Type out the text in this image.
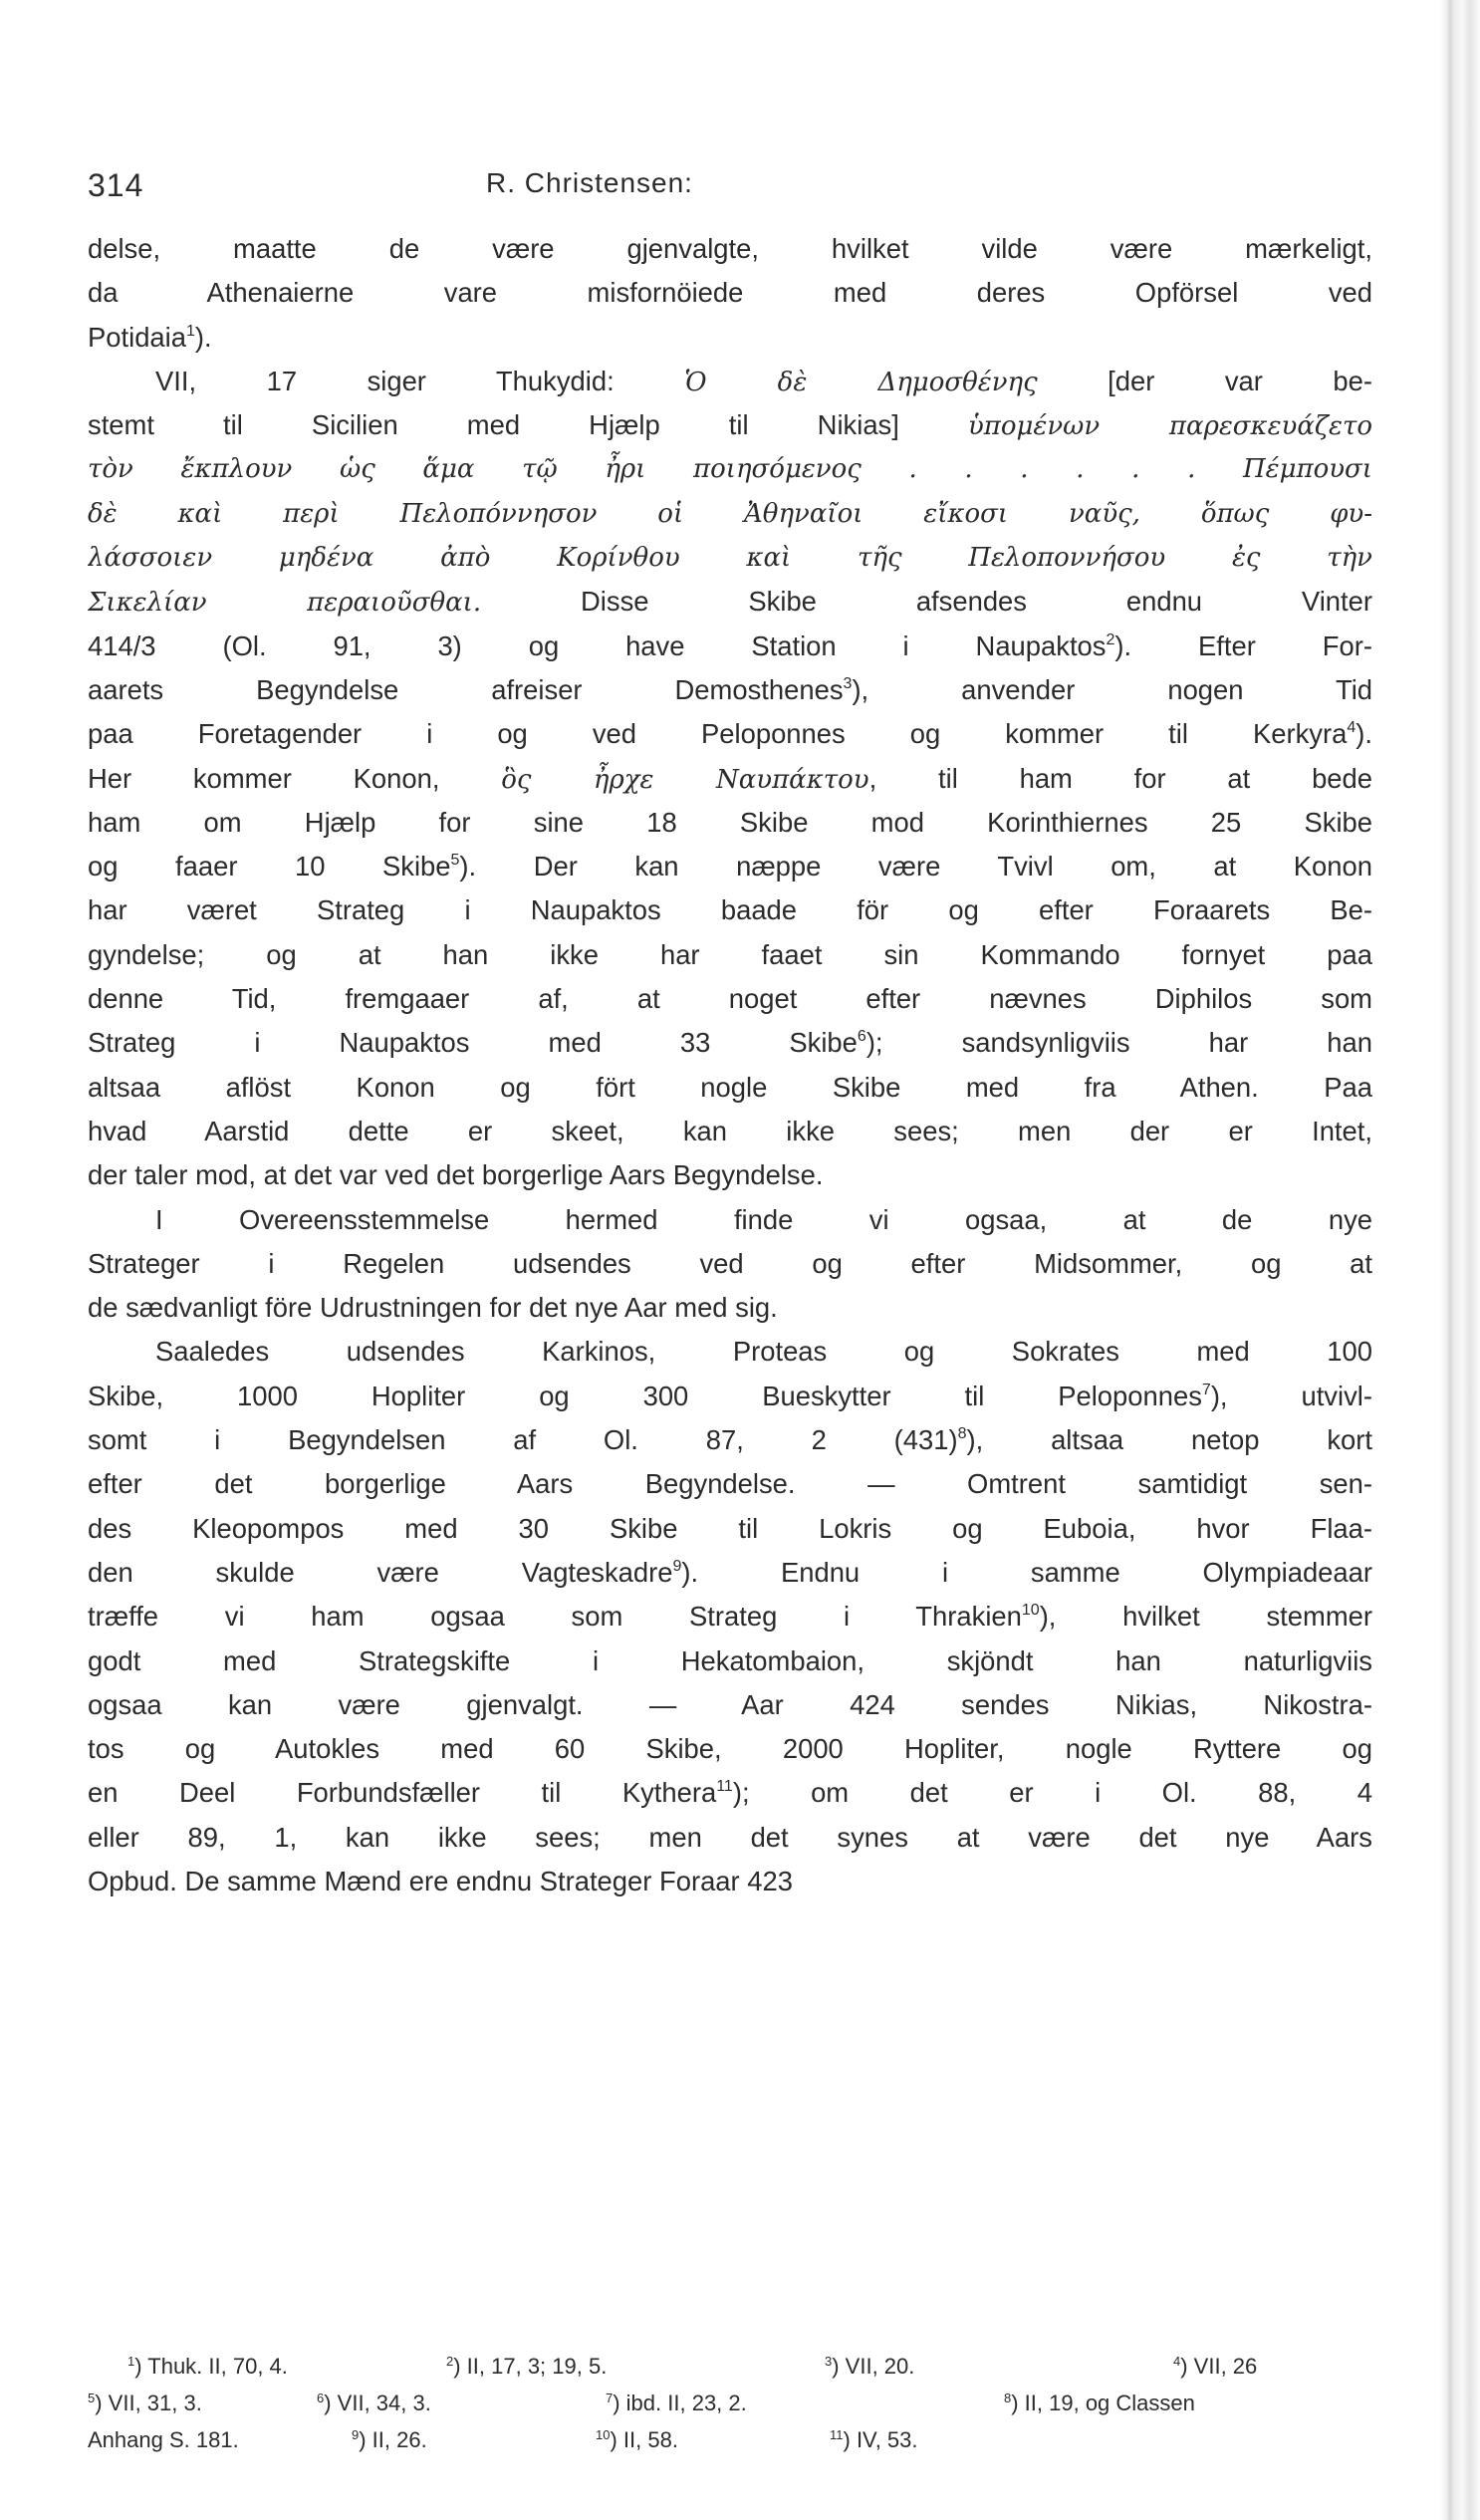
314	R. Christensen:
delse, maatte de være gjenvalgte, hvilket vilde være mærkeligt,
da Athenaierne vare misfornöiede med deres Opförsel ved
Potidaia$^1$).
VII, 17 siger Thukydid: Ὁ δὲ Δημοσθένης [der var be-
stemt til Sicilien med Hjælp til Nikias] ὑπομένων παρεσκευάζετο
τὸν ἔκπλουν ὡς ἅμα τῷ ἦρι ποιησόμενος . . . . . . Πέμπουσι
δὲ καὶ περὶ Πελοπόννησον οἱ Ἀθηναῖοι εἴκοσι ναῦς, ὅπως φυ-
λάσσοιεν μηδένα ἀπὸ Κορίνθου καὶ τῆς Πελοποννήσου ἐς τὴν
Σικελίαν περαιοῦσθαι. Disse Skibe afsendes endnu Vinter
414/3 (Ol. 91, 3) og have Station i Naupaktos$^2$). Efter For-
aarets Begyndelse afreiser Demosthenes$^3$), anvender nogen Tid
paa Foretagender i og ved Peloponnes og kommer til Kerkyra$^4$).
Her kommer Konon, ὃς ἦρχε Ναυπάκτου, til ham for at bede
ham om Hjælp for sine 18 Skibe mod Korinthiernes 25 Skibe
og faaer 10 Skibe$^5$). Der kan næppe være Tvivl om, at Konon
har været Strateg i Naupaktos baade för og efter Foraarets Be-
gyndelse; og at han ikke har faaet sin Kommando fornyet paa
denne Tid, fremgaaer af, at noget efter nævnes Diphilos som
Strateg i Naupaktos med 33 Skibe$^6$); sandsynligviis har han
altsaa aflöst Konon og fört nogle Skibe med fra Athen. Paa
hvad Aarstid dette er skeet, kan ikke sees; men der er Intet,
der taler mod, at det var ved det borgerlige Aars Begyndelse.
I Overeensstemmelse hermed finde vi ogsaa, at de nye
Strateger i Regelen udsendes ved og efter Midsommer, og at
de sædvanligt före Udrustningen for det nye Aar med sig.
Saaledes udsendes Karkinos, Proteas og Sokrates med 100
Skibe, 1000 Hopliter og 300 Bueskytter til Peloponnes$^7$), utvivl-
somt i Begyndelsen af Ol. 87, 2 $(431)^8$), altsaa netop kort
efter det borgerlige Aars Begyndelse. — Omtrent samtidigt sen-
des Kleopompos med 30 Skibe til Lokris og Euboia, hvor Flaa-
den skulde være Vagteskadre$^9$). Endnu i samme Olympiadeaar
træffe vi ham ogsaa som Strateg i Thrakien$^{10}$), hvilket stemmer
godt med Strategskifte i Hekatombaion, skjöndt han naturligviis
ogsaa kan være gjenvalgt. — Aar 424 sendes Nikias, Nikostra-
tos og Autokles med 60 Skibe, 2000 Hopliter, nogle Ryttere og
en Deel Forbundsfæller til Kythera$^{11}$); om det er i Ol. 88, 4
eller 89, 1, kan ikke sees; men det synes at være det nye Aars
Opbud. De samme Mænd ere endnu Strateger Foraar 423
$^1$) Thuk. II, 70, 4.	$^2$) II, 17, 3; 19, 5.	$^3$) VII, 20.	$^4$) VII, 26
$^5$) VII, 31, 3.	$^6$) VII, 34, 3.	$^7$) ibd. II, 23, 2.	$^8$) II, 19, og Classen
Anhang S. 181.	$^9$) II, 26.	$^{10}$) II, 58.	$^{11}$) IV, 53.
